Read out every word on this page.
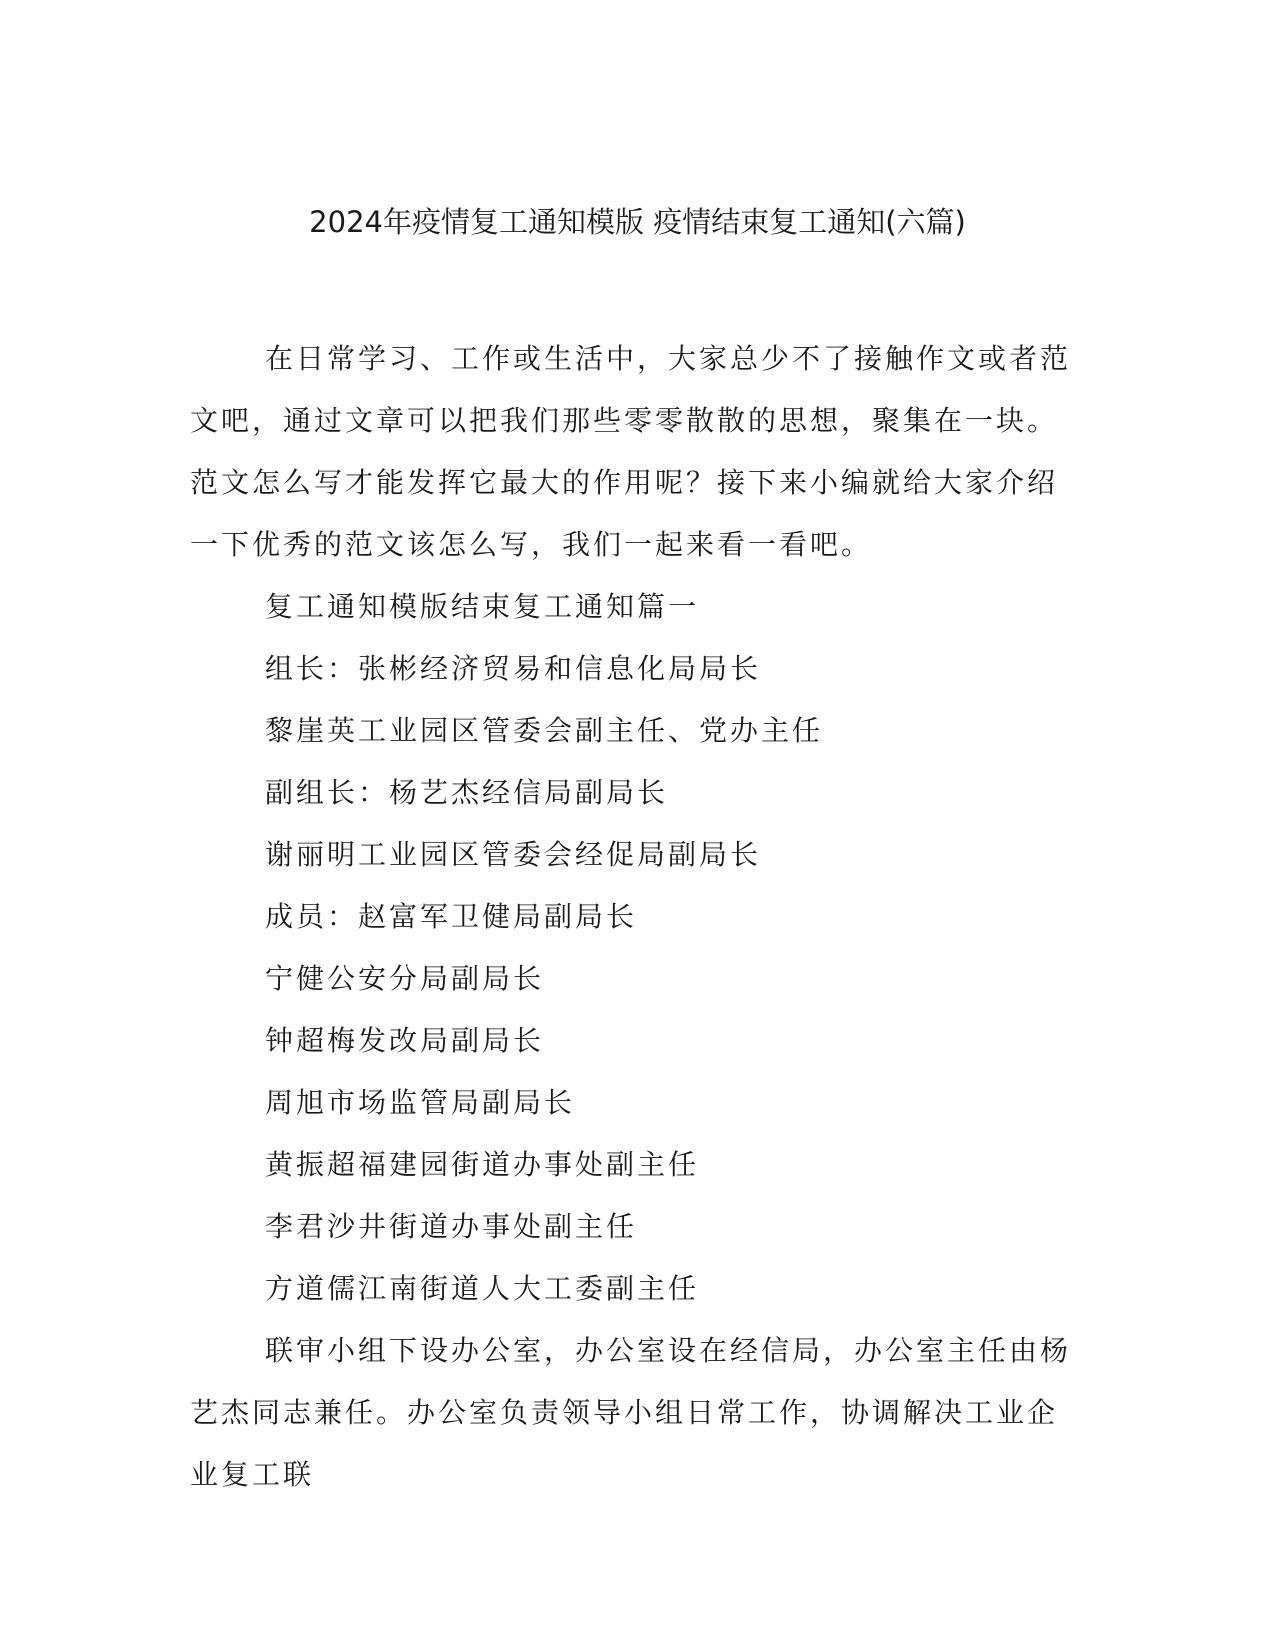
2024年疫情复工通知模版 疫情结束复工通知(六篇)

在日常学习、工作或生活中，大家总少不了接触作文或者范文吧，通过文章可以把我们那些零零散散的思想，聚集在一块。范文怎么写才能发挥它最大的作用呢？接下来小编就给大家介绍一下优秀的范文该怎么写，我们一起来看一看吧。

复工通知模版结束复工通知篇一

组长：张彬经济贸易和信息化局局长

黎崖英工业园区管委会副主任、党办主任

副组长：杨艺杰经信局副局长

谢丽明工业园区管委会经促局副局长

成员：赵富军卫健局副局长

宁健公安分局副局长

钟超梅发改局副局长

周旭市场监管局副局长

黄振超福建园街道办事处副主任

李君沙井街道办事处副主任

方道儒江南街道人大工委副主任

联审小组下设办公室，办公室设在经信局，办公室主任由杨艺杰同志兼任。办公室负责领导小组日常工作，协调解决工业企业复工联
